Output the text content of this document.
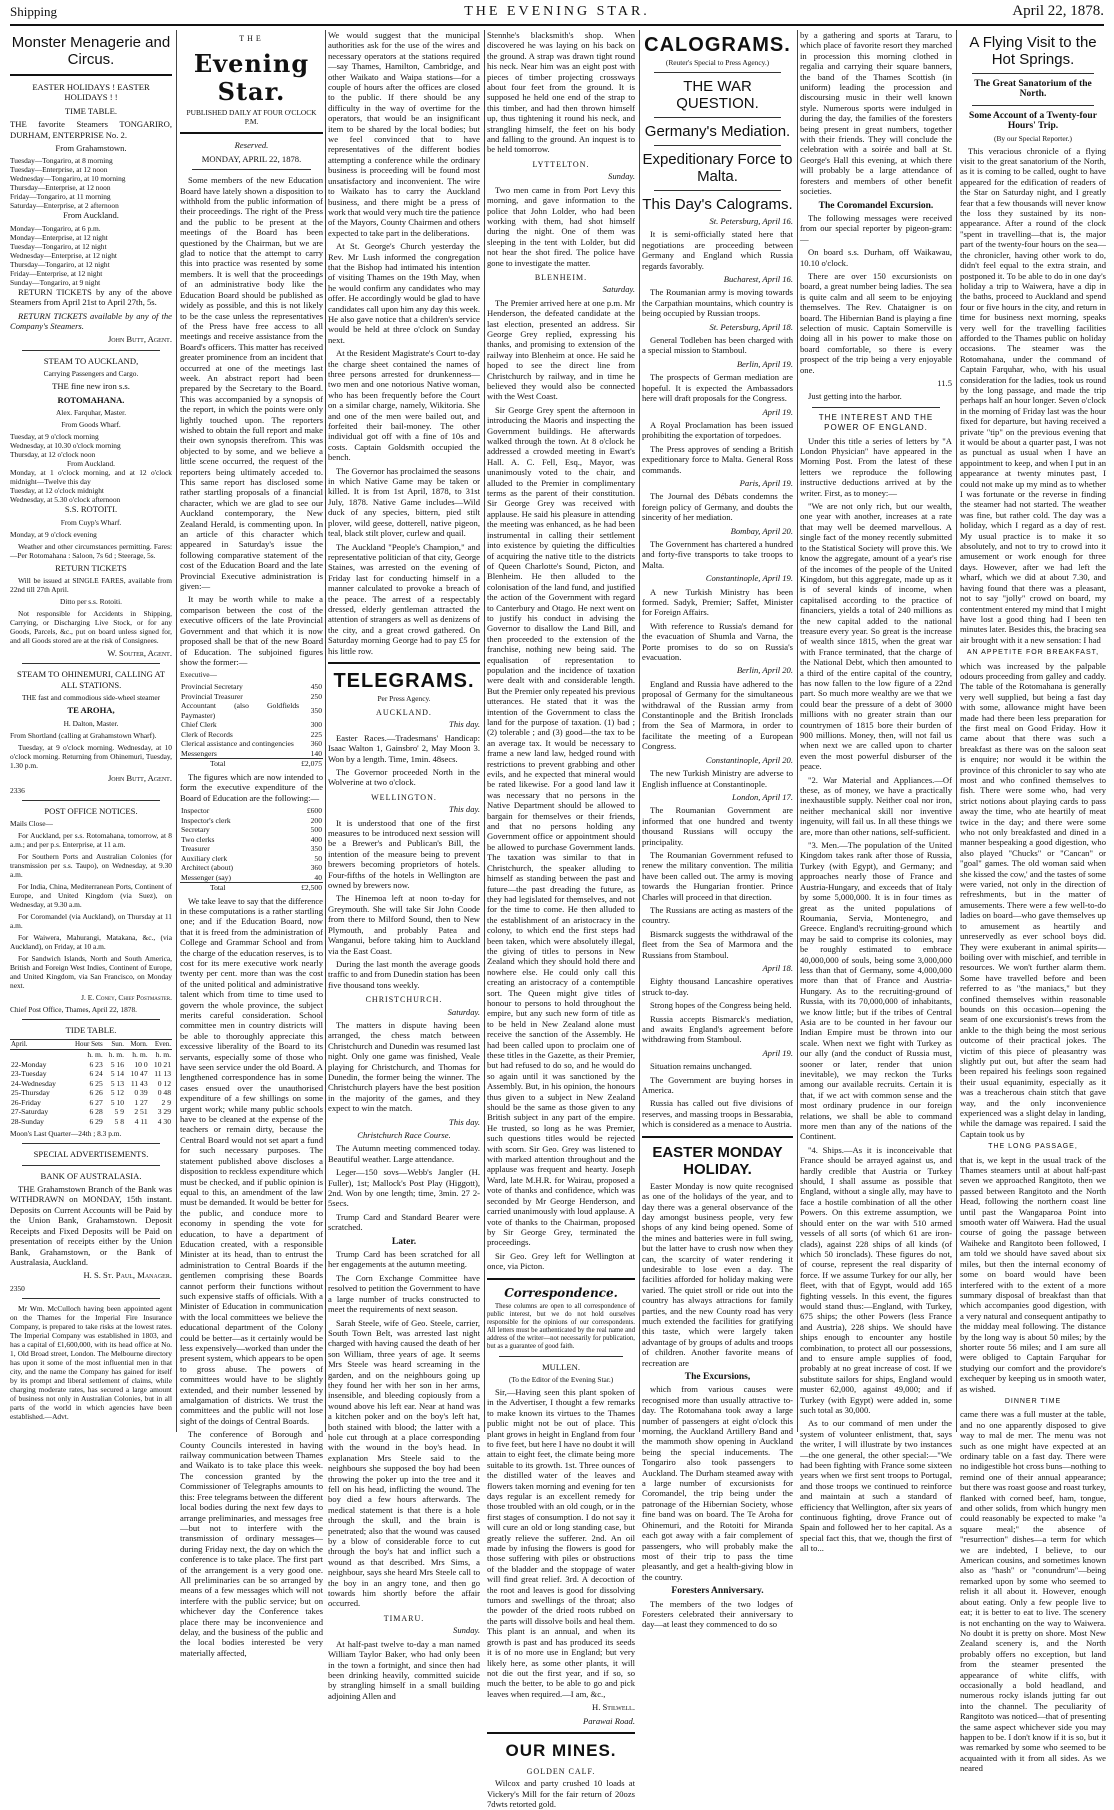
Shipping	THE EVENING STAR.	April 22, 1878.
Monster Menagerie and Circus.

EASTER HOLIDAYS ! EASTER HOLIDAYS ! !

TIME TABLE.

THE favorite Steamers TONGARIRO, DURHAM, ENTERPRISE No. 2.

From Grahamstown.

Tuesday—Tongariro, at 8 morning
Tuesday—Enterprise, at 12 noon
Wednesday—Tongariro, at 10 morning
Thursday—Enterprise, at 12 noon
Friday—Tongariro, at 11 morning
Saturday—Enterprise, at 2 afternoon

From Auckland.

Monday—Tongariro, at 6 p.m.
Monday—Enterprise, at 12 night
Tuesday—Tongariro, at 12 night
Wednesday—Enterprise, at 12 night
Thursday—Tongariro, at 12 night
Friday—Enterprise, at 12 night
Sunday—Tongariro, at 9 night

RETURN TICKETS by any of the above Steamers from April 21st to April 27th, 5s.

RETURN TICKETS available by any of the Company's Steamers.

John Butt, Agent.

STEAM TO AUCKLAND,

Carrying Passengers and Cargo.

THE fine new iron s.s.

ROTOMAHANA.

Alex. Farquhar, Master.

From Goods Wharf.

Tuesday, at 9 o'clock morning
Wednesday, at 10.30 o'clock morning
Thursday, at 12 o'clock noon
From Auckland.
Monday, at 1 o'clock morning, and at 12 o'clock midnight—Twelve this day
Tuesday, at 12 o'clock midnight
Wednesday, at 5.30 o'clock afternoon

S.S. ROTOITI.

From Cuyp's Wharf.

Monday, at 9 o'clock evening

Weather and other circumstances permitting. Fares:—Per Rotomahana : Saloon, 7s 6d ; Steerage, 5s.

RETURN TICKETS

Will be issued at SINGLE FARES, available from 22nd till 27th April.

Ditto per s.s. Rotoiti.

Not responsible for Accidents in Shipping, Carrying, or Discharging Live Stock, or for any Goods, Parcels, &c., put on board unless signed for, and all Goods stored are at the risk of Consignees.

W. Souter, Agent.

STEAM TO OHINEMURI, CALLING AT ALL STATIONS.

THE fast and commodious side-wheel steamer

TE AROHA,

H. Dalton, Master.

From Shortland (calling at Grahamstown Wharf).

Tuesday, at 9 o'clock morning. Wednesday, at 10 o'clock morning. Returning from Ohinemuri, Tuesday, 1.30 p.m.

John Butt, Agent.

2336

POST OFFICE NOTICES.

Mails Close—

For Auckland, per s.s. Rotomahana, tomorrow, at 8 a.m.; and per p.s. Enterprise, at 11 a.m.

For Southern Ports and Australian Colonies (for transmission per s.s. Taupo), on Wednesday, at 9.30 a.m.

For India, China, Mediterranean Ports, Continent of Europe, and United Kingdom (via Suez), on Wednesday, at 9.30 a.m.

For Coromandel (via Auckland), on Thursday at 11 a.m.

For Waiwera, Mahurangi, Matakana, &c., (via Auckland), on Friday, at 10 a.m.

For Sandwich Islands, North and South America, British and Foreign West Indies, Continent of Europe, and United Kingdom, via San Francisco, on Monday next.

J. E. Coney, Chief Postmaster.

Chief Post Office, Thames, April 22, 1878.

TIDE TABLE.

April.	Hour Sets	Sun.	Morn.	Even.
	h. m.	h. m.	h. m.	h. m.
22-Monday	6 23	5 16	10 0	10 21
23-Tuesday	6 24	5 14	10 47	11 13
24-Wednesday	6 25	5 13	11 43	0 12
25-Thursday	6 26	5 12	0 39	0 48
26-Friday	6 27	5 10	1 27	2 9
27-Saturday	6 28	5 9	2 51	3 29
28-Sunday	6 29	5 8	4 11	4 30

Moon's Last Quarter—24th ; 8.3 p.m.

SPECIAL ADVERTISEMENTS.

BANK OF AUSTRALASIA.

THE Grahamstown Branch of the Bank was WITHDRAWN on MONDAY, 15th instant. Deposits on Current Accounts will be Paid by the Union Bank, Grahamstown. Deposit Receipts and Fixed Deposits will be Paid on presentation of receipts either by the Union Bank, Grahamstown, or the Bank of Australasia, Auckland.

H. S. St. Paul, Manager.

2350

Mr Wm. McCulloch having been appointed agent on the Thames for the Imperial Fire Insurance Company, is prepared to take risks at the lowest rates. The Imperial Company was established in 1803, and has a capital of £1,600,000, with its head office at No. 1, Old Broad street, London. The Melbourne directory has upon it some of the most influential men in that city, and the name the Company has gained for itself by its prompt and liberal settlement of claims, while charging moderate rates, has secured a large amount of business not only in Australian Colonies, but in all parts of the world in which agencies have been established.—Advt.

THE
Evening Star.

PUBLISHED DAILY AT FOUR O'CLOCK P.M.

Reserved.

MONDAY, APRIL 22, 1878.

Some members of the new Education Board have lately shown a disposition to withhold from the public information of their proceedings. The right of the Press and the public to be present at the meetings of the Board has been questioned by the Chairman, but we are glad to notice that the attempt to carry this into practice was resented by some members. It is well that the proceedings of an administrative body like the Education Board should be published as widely as possible, and this is not likely to be the case unless the representatives of the Press have free access to all meetings and receive assistance from the Board's officers. This matter has received greater prominence from an incident that occurred at one of the meetings last week. An abstract report had been prepared by the Secretary to the Board. This was accompanied by a synopsis of the report, in which the points were only lightly touched upon. The reporters wished to obtain the full report and make their own synopsis therefrom. This was objected to by some, and we believe a little scene occurred, the request of the reporters being ultimately acceded to. This same report has disclosed some rather startling proposals of a financial character, which we are glad to see our Auckland contemporary, the New Zealand Herald, is commenting upon. In an article of this character which appeared in Saturday's issue the following comparative statement of the cost of the Education Board and the late Provincial Executive administration is given:—

It may be worth while to make a comparison between the cost of the executive officers of the late Provincial Government and that which it is now proposed shall be that of the new Board of Education. The subjoined figures show the former:—

Executive—

Provincial Secretary	450
Provincial Treasurer	250
Accountant (also Goldfields Paymaster)	350
Chief Clerk	300
Clerk of Records	225
Clerical assistance and contingencies	360
Messengers	140
Total	£2,075

The figures which are now intended to form the executive expenditure of the Board of Education are the following:—

Inspector	£600
Inspector's clerk	200
Secretary	500
Two clerks	400
Treasurer	350
Auxiliary clerk	50
Architect (about)	360
Messenger (say)	40
Total	£2,500

We take leave to say that the difference in these computations is a rather startling one; and if the Education Board, now that it is freed from the administration of College and Grammar School and from the charge of the education reserves, is to cost for its mere executive work nearly twenty per cent. more than was the cost of the united political and administrative talent which from time to time used to govern the whole province, the subject merits careful consideration. School committee men in country districts will be able to thoroughly appreciate this excessive liberality of the Board to its servants, especially some of those who have seen service under the old Board. A lengthened correspondence has in some cases ensued over the unauthorised expenditure of a few shillings on some urgent work; while many public schools have to be cleaned at the expense of the teachers or remain dirty, because the Central Board would not set apart a fund for such necessary purposes. The statement published above discloses a disposition to reckless expenditure which must be checked, and if public opinion is equal to this, an amendment of the law must be demanded. It would be better for the public, and conduce more to economy in spending the vote for education, to have a department of Education created, with a responsible Minister at its head, than to entrust the administration to Central Boards if the gentlemen comprising these Boards cannot perform their functions without such expensive staffs of officials. With a Minister of Education in communication with the local committees we believe the educational department of the Colony could be better—as it certainly would be less expensively—worked than under the present system, which appears to be open to gross abuse. The powers of committees would have to be slightly extended, and their number lessened by amalgamation of districts. We trust the committees and the public will not lose sight of the doings of Central Boards.

The conference of Borough and County Councils interested in having railway communication between Thames and Waikato is to take place this week. The concession granted by the Commissioner of Telegraphs amounts to this: Free telegrams between the different local bodies during the next few days to arrange preliminaries, and messages free—but not to interfere with the transmission of ordinary messages—during Friday next, the day on which the conference is to take place. The first part of the arrangement is a very good one. All preliminaries can be so arranged by means of a few messages which will not interfere with the public service; but on whichever day the Conference takes place there may be inconvenience and delay, and the business of the public and the local bodies interested be very materially affected,

We would suggest that the municipal authorities ask for the use of the wires and necessary operators at the stations required—say Thames, Hamilton, Cambridge, and other Waikato and Waipa stations—for a couple of hours after the offices are closed to the public. If there should be any difficulty in the way of overtime for the operators, that would be an insignificant item to be shared by the local bodies; but we feel convinced that to have representatives of the different bodies attempting a conference while the ordinary business is proceeding will be found most unsatisfactory and inconvenient. The wire to Waikato has to carry the Auckland business, and there might be a press of work that would very much tire the patience of the Mayors, County Chairmen and others expected to take part in the deliberations.

At St. George's Church yesterday the Rev. Mr Lush informed the congregation that the Bishop had intimated his intention of visiting Thames on the 19th May, when he would confirm any candidates who may offer. He accordingly would be glad to have candidates call upon him any day this week. He also gave notice that a children's service would be held at three o'clock on Sunday next.

At the Resident Magistrate's Court to-day the charge sheet contained the names of three persons arrested for drunkenness—two men and one notorious Native woman, who has been frequently before the Court on a similar charge, namely, Wikitoria. She and one of the men were bailed out, and forfeited their bail-money. The other individual got off with a fine of 10s and costs. Captain Goldsmith occupied the bench.

The Governor has proclaimed the seasons in which Native Game may be taken or killed. It is from 1st April, 1878, to 31st July, 1878. Native Game includes—Wild duck of any species, bittern, pied stilt plover, wild geese, dotterell, native pigeon, teal, black stilt plover, curlew and quail.

The Auckland "People's Champion," and representative politician of that city, George Staines, was arrested on the evening of Friday last for conducting himself in a manner calculated to provoke a breach of the peace. The arrest of a respectably dressed, elderly gentleman attracted the attention of strangers as well as denizens of the city, and a great crowd gathered. On Saturday morning George had to pay £5 for his little row.

TELEGRAMS.

Per Press Agency.

AUCKLAND.

This day.

Easter Races.—Tradesmans' Handicap: Isaac Walton 1, Gainsbro' 2, May Moon 3. Won by a length. Time, 1min. 48secs.

The Governor proceeded North in the Wolverine at two o'clock.

WELLINGTON.

This day.

It is understood that one of the first measures to be introduced next session will be a Brewer's and Publican's Bill, the intention of the measure being to prevent brewers becoming proprietors of hotels. Four-fifths of the hotels in Wellington are owned by brewers now.

The Hinemoa left at noon to-day for Greymouth. She will take Sir John Coode from there to Milford Sound, then to New Plymouth, and probably Patea and Wanganui, before taking him to Auckland via the East Coast.

During the last month the average goods traffic to and from Dunedin station has been five thousand tons weekly.

CHRISTCHURCH.

Saturday.

The matters in dispute having been arranged, the chess match between Christchurch and Dunedin was resumed last night. Only one game was finished, Veale playing for Christchurch, and Thomas for Dunedin, the former being the winner. The Christchurch players have the best position in the majority of the games, and they expect to win the match.

This day.

Christchurch Race Course.

The Autumn meeting commenced today. Beautiful weather. Large attendance.

Leger—150 sovs—Webb's Jangler (H. Fuller), 1st; Mallock's Post Play (Higgott), 2nd. Won by one length; time, 3min. 27 2-5secs.

Trump Card and Standard Bearer were scratched.

Later.

Trump Card has been scratched for all her engagements at the autumn meeting.

The Corn Exchange Committee have resolved to petition the Government to have a large number of trucks constructed to meet the requirements of next season.

Sarah Steele, wife of Geo. Steele, carrier, South Town Belt, was arrested last night charged with having caused the death of her son William, three years of age. It seems Mrs Steele was heard screaming in the garden, and on the neighbours going up they found her with her son in her arms, insensible, and bleeding copiously from a wound above his left ear. Near at hand was a kitchen poker and on the boy's left hat, both stained with blood; the latter with a hole cut through at a place corresponding with the wound in the boy's head. In explanation Mrs Steele said to the neighbours she supposed the boy had been throwing the poker up into the tree and it fell on his head, inflicting the wound. The boy died a few hours afterwards. The medical statement is that there is a hole through the skull, and the brain is penetrated; also that the wound was caused by a blow of considerable force to cut through the boy's hat and inflict such a wound as that described. Mrs Sims, a neighbour, says she heard Mrs Steele call to the boy in an angry tone, and then go towards him shortly before the affair occurred.

TIMARU.

Sunday.

At half-past twelve to-day a man named William Taylor Baker, who had only been in the town a fortnight, and since then had been drinking heavily, committed suicide by strangling himself in a small building adjoining Allen and

Stennhe's blacksmith's shop. When discovered he was laying on his back on the ground. A strap was drawn tight round his neck. Near him was an eight post with pieces of timber projecting crossways about four feet from the ground. It is supposed he held one end of the strap to this timber, and had then thrown himself up, thus tightening it round his neck, and strangling himself, the feet on his body and falling to the ground. An inquest is to be held tomorrow.

LYTTELTON.

Sunday.

Two men came in from Port Levy this morning, and gave information to the police that John Lolder, who had been working with them, had shot himself during the night. One of them was sleeping in the tent with Lolder, but did not hear the shot fired. The police have gone to investigate the matter.

BLENHEIM.

Saturday.

The Premier arrived here at one p.m. Mr Henderson, the defeated candidate at the last election, presented an address. Sir George Grey replied, expressing his thanks, and promising to extension of the railway into Blenheim at once. He said he hoped to see the direct line from Christchurch by railway, and in time he believed they would also be connected with the West Coast.

Sir George Grey spent the afternoon in introducing the Maoris and inspecting the Government buildings. He afterwards walked through the town. At 8 o'clock he addressed a crowded meeting in Ewart's Hall. A. C. Fell, Esq., Mayor, was unanimously voted to the chair, and alluded to the Premier in complimentary terms as the parent of their constitution. Sir George Grey was received with applause. He said his pleasure in attending the meeting was enhanced, as he had been instrumental in calling their settlement into existence by quieting the difficulties of acquiring the native title to the districts of Queen Charlotte's Sound, Picton, and Blenheim. He then alluded to the colonisation of the land fund, and justified the action of the Government with regard to Canterbury and Otago. He next went on to justify his conduct in advising the Governor to disallow the Land Bill, and then proceeded to the extension of the franchise, nothing new being said. The equalisation of representation to population and the incidence of taxation were dealt with and considerable length. But the Premier only repeated his previous utterances. He stated that it was the intention of the Government to class the land for the purpose of taxation. (1) bad ; (2) tolerable ; and (3) good—the tax to be an average tax. It would be necessary to frame a new land law, hedged round with restrictions to prevent grabbing and other evils, and he expected that mineral would be rated likewise. For a good land law it was necessary that no persons in the Native Department should be allowed to bargain for themselves or their friends, and that no persons holding any Government office or appointment should be allowed to purchase Government lands. The taxation was similar to that in Christchurch, the speaker alluding to himself as standing between the past and future—the past dreading the future, as they had legislated for themselves, and not for the time to come. He then alluded to the establishment of an aristocracy in the colony, to which end the first steps had been taken, which were absolutely illegal, the giving of titles to persons in New Zealand which they should hold there and nowhere else. He could only call this creating an aristocracy of a contemptible sort. The Queen might give titles of honour to persons to hold throughout the empire, but any such new form of title as to be held in New Zealand alone must receive the sanction of the Assembly. He had been called upon to proclaim one of these titles in the Gazette, as their Premier, but had refused to do so, and he would do so again until it was sanctioned by the Assembly. But, in his opinion, the honours thus given to a subject in New Zealand should be the same as those given to any British subject in any part of the empire. He trusted, so long as he was Premier, such questions titles would be rejected with scorn. Sir Geo. Grey was listened to with marked attention throughout and the applause was frequent and hearty. Joseph Ward, late M.H.R. for Wairau, proposed a vote of thanks and confidence, which was seconded by Mr George Henderson, and carried unanimously with loud applause. A vote of thanks to the Chairman, proposed by Sir George Grey, terminated the proceedings.

Sir Geo. Grey left for Wellington at once, via Picton.

Correspondence.

These columns are open to all correspondence of public interest, but we do not hold ourselves responsible for the opinions of our correspondents. All letters must be authenticated by the real name and address of the writer—not necessarily for publication, but as a guarantee of good faith.

MULLEN.

(To the Editor of the Evening Star.)

Sir,—Having seen this plant spoken of in the Advertiser, I thought a few remarks to make known its virtues to the Thames public might not be out of place. This plant grows in height in England from four to five feet, but here I have no doubt it will attain to eight feet, the climate being more suitable to its growth. 1st. Three ounces of the distilled water of the leaves and flowers taken morning and evening for ten days regular is an excellent remedy for those troubled with an old cough, or in the first stages of consumption. I do not say it will cure an old or long standing case, but greatly relieve the sufferer. 2nd. An oil made by infusing the flowers is good for those suffering with piles or obstructions of the bladder and the stoppage of water will find great relief. 3rd. A decoction of the root and leaves is good for dissolving tumors and swellings of the throat; also the powder of the dried roots rubbed on the parts will dissolve boils and heal them. This plant is an annual, and when its growth is past and has produced its seeds it is of no more use in England; but very likely here, as some other plants, it will not die out the first year, and if so, so much the better, to be able to go and pick leaves when required.—I am, &c.,

H. Stilwell.

Parawai Road.

OUR MINES.

GOLDEN CALF.

Wilcox and party crushed 10 loads at Vickery's Mill for the fair return of 20ozs 7dwts retorted gold.

CALOGRAMS.

(Reuter's Special to Press Agency.)

THE WAR QUESTION.
Germany's Mediation.
Expeditionary Force to Malta.
This Day's Calograms.

St. Petersburg, April 16.

It is semi-officially stated here that negotiations are proceeding between Germany and England which Russia regards favorably.

Bucharest, April 16.

The Roumanian army is moving towards the Carpathian mountains, which country is being occupied by Russian troops.

St. Petersburg, April 18.

General Todleben has been charged with a special mission to Stamboul.

Berlin, April 19.

The prospects of German mediation are hopeful. It is expected the Ambassadors here will draft proposals for the Congress.

April 19.

A Royal Proclamation has been issued prohibiting the exportation of torpedoes.

The Press approves of sending a British expeditionary force to Malta. General Ross commands.

Paris, April 19.

The Journal des Débats condemns the foreign policy of Germany, and doubts the sincerity of her mediation.

Bombay, April 20.

The Government has chartered a hundred and forty-five transports to take troops to Malta.

Constantinople, April 19.

A new Turkish Ministry has been formed. Sadyk, Premier; Saffet, Minister for Foreign Affairs.

With reference to Russia's demand for the evacuation of Shumla and Varna, the Porte promises to do so on Russia's evacuation.

Berlin, April 20.

England and Russia have adhered to the proposal of Germany for the simultaneous withdrawal of the Russian army from Constantinople and the British Ironclads from the Sea of Marmora, in order to facilitate the meeting of a European Congress.

Constantinople, April 20.

The new Turkish Ministry are adverse to English influence at Constantinople.

London, April 17.

The Roumanian Government are informed that one hundred and twenty thousand Russians will occupy the principality.

The Roumanian Government refused to renew the military convention. The militia have been called out. The army is moving towards the Hungarian frontier. Prince Charles will proceed in that direction.

The Russians are acting as masters of the country.

Bismarck suggests the withdrawal of the fleet from the Sea of Marmora and the Russians from Stamboul.

April 18.

Eighty thousand Lancashire operatives struck to-day.

Strong hopes of the Congress being held.

Russia accepts Bismarck's mediation, and awaits England's agreement before withdrawing from Stamboul.

April 19.

Situation remains unchanged.

The Government are buying horses in America.

Russia has called out five divisions of reserves, and massing troops in Bessarabia, which is considered as a menace to Austria.

EASTER MONDAY HOLIDAY.

Easter Monday is now quite recognised as one of the holidays of the year, and to day there was a general observance of the day amongst business people, very few shops of any kind being opened. Some of the mines and batteries were in full swing, but the latter have to crush now when they can, the scarcity of water rendering it undesirable to lose even a day. The facilities afforded for holiday making were varied. The quiet stroll or ride out into the country has always attractions for family parties, and the new County road has very much extended the facilities for gratifying this taste, which were largely taken advantage of by groups of adults and troops of children. Another favorite means of recreation are

The Excursions,

which from various causes were recognised more than usually attractive to-day. The Rotomahana took away a large number of passengers at eight o'clock this morning, the Auckland Artillery Band and the mammoth show opening in Auckland being the special inducements. The Tongariro also took passengers to Auckland. The Durham steamed away with a large number of excursionists for Coromandel, the trip being under the patronage of the Hibernian Society, whose fine band was on board. The Te Aroha for Ohinemuri, and the Rotoiti for Miranda each got away with a fair complement of passengers, who will probably make the most of their trip to pass the time pleasantly, and get a health-giving blow in the country.

Foresters Anniversary.

The members of the two lodges of Foresters celebrated their anniversary to day—at least they commenced to do so

by a gathering and sports at Tararu, to which place of favorite resort they marched in procession this morning clothed in regalia and carrying their square banners, the band of the Thames Scottish (in uniform) leading the procession and discoursing music in their well known style. Numerous sports were indulged in during the day, the families of the foresters being present in great numbers, together with their friends. They will conclude the celebration with a soirée and ball at St. George's Hall this evening, at which there will probably be a large attendance of foresters and members of other benefit societies.

The Coromandel Excursion.

The following messages were received from our special reporter by pigeon-gram:—

On board s.s. Durham, off Waikawau, 10.10 o'clock.

There are over 150 excursionists on board, a great number being ladies. The sea is quite calm and all seem to be enjoying themselves. The Rev. Chataigner is on board. The Hibernian Band is playing a fine selection of music. Captain Somerville is doing all in his power to make those on board comfortable, so there is every prospect of the trip being a very enjoyable one.

11.5

Just getting into the harbor.

THE INTEREST AND THE POWER OF ENGLAND.

Under this title a series of letters by "A London Physician" have appeared in the Morning Post. From the latest of these letters we reproduce the following instructive deductions arrived at by the writer. First, as to money:—

"We are not only rich, but our wealth, one year with another, increases at a rate that may well be deemed marvellous. A single fact of the money recently submitted to the Statistical Society will prove this. We know the aggregate, amount of a year's rise of the incomes of the people of the United Kingdom, but this aggregate, made up as it is of several kinds of income, when capitalised according to the practice of financiers, yields a total of 240 millions as the new capital added to the national treasure every year. So great is the increase of wealth since 1815, when the great war with France terminated, that the charge of the National Debt, which then amounted to a third of the entire capital of the country, has now fallen to the low figure of a 22nd part. So much more wealthy are we that we could bear the pressure of a debt of 3000 millions with no greater strain than our countrymen of 1815 bore their burden of 900 millions. Money, then, will not fail us when next we are called upon to charter even the most powerful disburser of the peace.

"2. War Material and Appliances.—Of these, as of money, we have a practically inexhaustible supply. Neither coal nor iron, neither mechanical skill nor inventive ingenuity, will fail us. In all these things we are, more than other nations, self-sufficient.

"3. Men.—The population of the United Kingdom takes rank after those of Russia, Turkey (with Egypt), and Germany; and approaches nearly those of France and Austria-Hungary, and exceeds that of Italy by some 5,000,000. It is in four times as great as the united populations of Roumania, Servia, Montenegro, and Greece. England's recruiting-ground which may be said to comprise its colonies, may be roughly estimated to embrace 40,000,000 of souls, being some 3,000,000 less than that of Germany, some 4,000,000 more than that of France and Austria-Hungary. As to the recruiting-ground of Russia, with its 70,000,000 of inhabitants, we know little; but if the tribes of Central Asia are to be counted in her favour our Indian Empire must be thrown into our scale. When next we fight with Turkey as our ally (and the conduct of Russia must, sooner or later, render that union inevitable), we may reckon the Turks among our available recruits. Certain it is that, if we act with common sense and the most ordinary prudence in our foreign relations, we shall be able to command more men than any of the nations of the Continent.

"4. Ships.—As it is inconceivable that France should be arrayed against us, and hardly credible that Austria or Turkey should, I shall assume as possible that England, without a single ally, may have to face a hostile combination of all the other Powers. On this extreme assumption, we should enter on the war with 510 armed vessels of all sorts (of which 61 are iron-clads), against 228 ships of all kinds (of which 50 ironclads). These figures do not, of course, represent the real disparity of force. If we assume Turkey for our ally, her fleet, with that of Egypt, would add 165 fighting vessels. In this event, the figures would stand thus:—England, with Turkey, 675 ships; the other Powers (less France and Austria), 228 ships. We should have ships enough to encounter any hostile combination, to protect all our possessions, and to ensure ample supplies of food, probably at no great increase of cost. If we substitute sailors for ships, England would muster 62,000, against 49,000; and if Turkey (with Egypt) were added in, some such total as 30,000.

As to our command of men under the system of volunteer enlistment, that, says the writer, I will illustrate by two instances—the one general, the other special:—"We had been fighting with France some sixteen years when we first sent troops to Portugal, and those troops we continued to reinforce and maintain at such a standard of efficiency that Wellington, after six years of continuous fighting, drove France out of Spain and followed her to her capital. As a special fact this, that we, though the first of all to...

A Flying Visit to the Hot Springs.

The Great Sanatorium of the North.

Some Account of a Twenty-four Hours' Trip.

(By our Special Reporter.)

This veracious chronicle of a flying visit to the great sanatorium of the North, as it is coming to be called, ought to have appeared for the edification of readers of the Star on Saturday night, and I greatly fear that a few thousands will never know the loss they sustained by its non-appearance. After a round of the clock "spent in travelling—that is, the major part of the twenty-four hours on the sea—the chronicler, having other work to do, didn't feel equal to the extra strain, and postponed it. To be able to do in one day's holiday a trip to Waiwera, have a dip in the baths, proceed to Auckland and spend four or five hours in the city, and return in time for business next morning, speaks very well for the travelling facilities afforded to the Thames public on holiday occasions. The steamer was the Rotomahana, under the command of Captain Farquhar, who, with his usual consideration for the ladies, took us round by the long passage, and made the trip perhaps half an hour longer. Seven o'clock in the morning of Friday last was the hour fixed for departure, but having received a private "tip" on the previous evening that it would be about a quarter past, I was not as punctual as usual when I have an appointment to keep, and when I put in an appearance at twenty minutes past, I could not make up my mind as to whether I was fortunate or the reverse in finding the steamer had not started. The weather was fine, but rather cold. The day was a holiday, which I regard as a day of rest. My usual practice is to make it so absolutely, and not to try to crowd into it amusement or work enough for three days. However, after we had left the wharf, which we did at about 7.30, and having found that there was a pleasant, not to say "jolly" crowd on board, my contentment entered my mind that I might have lost a good thing had I been ten minutes later. Besides this, the bracing sea air brought with it a new sensation: I had

AN APPETITE FOR BREAKFAST,

which was increased by the palpable odours proceeding from galley and caddy. The table of the Rotomahana is generally very well supplied, but being a fast day with some, allowance might have been made had there been less preparation for the first meal on Good Friday. How it came about that there was such a breakfast as there was on the saloon seat is enquire; nor would it be within the province of this chronicler to say who ate most and who confined themselves to fish. There were some who, had very strict notions about playing cards to pass away the time, who ate heartily of meat twice in the day; and there were some who not only breakfasted and dined in a manner bespeaking a good digestion, who also played "Chucks" or "Cancan" or "goal" games. The old woman said when she kissed the cow,' and the tastes of some were varied, not only in the direction of refreshments, but in the matter of amusements. There were a few well-to-do ladies on board—who gave themselves up to amusement as heartily and unreservedly as ever school boys did. They were exuberant in animal spirits—boiling over with mischief, and terrible in resources. We won't further alarm them. Some have travelled before and been referred to as "the maniacs," but they confined themselves within reasonable bounds on this occasion—opening the seam of one excursionist's trews from the ankle to the thigh being the most serious outcome of their practical jokes. The victim of this piece of pleasantry was slightly put out, but after the seam had been repaired his feelings soon regained their usual equanimity, especially as it was a treacherous chain stitch that gave way, and the only inconvenience experienced was a slight delay in landing, while the damage was repaired. I said the Captain took us by

THE LONG PASSAGE,

that is, we kept in the usual track of the Thames steamers until at about half-past seven we approached Rangitoto, then we passed between Rangitoto and the North Head, following the northern coast line until past the Wangaparoa Point into smooth water off Waiwera. Had the usual course of going the passage between Waiheke and Rangitoto been followed, I am told we should have saved about six miles, but then the internal economy of some on board would have been interfered with to the extent of a more summary disposal of breakfast than that which accompanies good digestion, with a very natural and consequent antipathy to the midday meal following. The distance by the long way is about 50 miles; by the shorter route 56 miles; and I am sure all were obliged to Captain Farquhar for studying our comfort and the providore's exchequer by keeping us in smooth water, as wished.

DINNER TIME

came there was a full muster at the table, and no one apparently disposed to give way to mal de mer. The menu was not such as one might have expected at an ordinary table on a fast day. There were no indigestible hot cross buns—nothing to remind one of their annual appearance; but there was roast goose and roast turkey, flanked with corned beef, ham, tongue, and other solids, from which hungry men could reasonably be expected to make "a square meal;" the absence of "resurrection" dishes—a term for which we are indebted, I believe, to our American cousins, and sometimes known also as "hash" or "conundrum"—being remarked upon by some who seemed to relish it all about it. However, enough about eating. Only a few people live to eat; it is better to eat to live. The scenery is not enchanting on the way to Waiwera. No doubt it is pretty on shore. Most New Zealand scenery is, and the North probably offers no exception, but land from the steamer presented the appearance of white cliffs, with occasionally a bold headland, and numerous rocky islands jutting far out into the channel. The peculiarity of Rangitoto was noticed—that of presenting the same aspect whichever side you may happen to be. I don't know if it is so, but it was remarked by some who seemed to be acquainted with it from all sides. As we neared
